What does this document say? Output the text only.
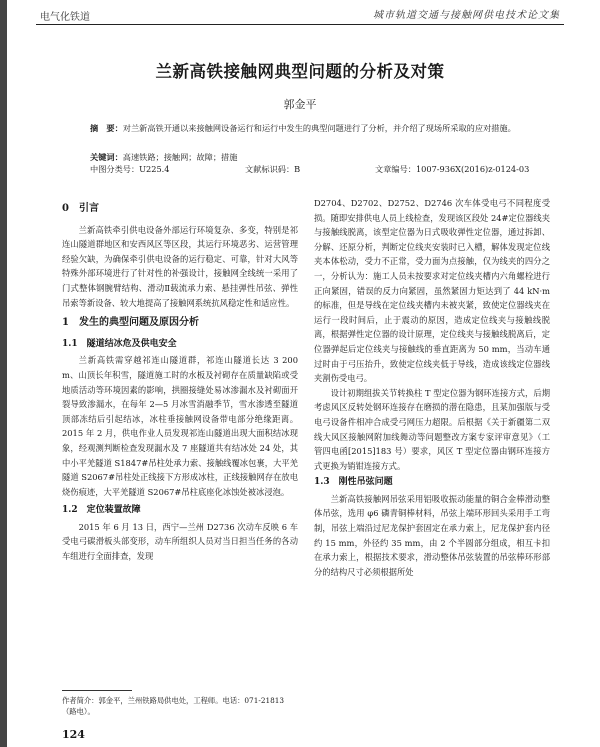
电气化铁道	城市轨道交通与接触网供电技术论文集
兰新高铁接触网典型问题的分析及对策
郭金平
摘　要：对兰新高铁开通以来接触网设备运行和运行中发生的典型问题进行了分析，并介绍了现场所采取的应对措施。
关键词：高速铁路；接触网；故障；措施
中图分类号：U225.4	文献标识码：B	文章编号：1007-936X(2016)z-0124-03
0　引言

兰新高铁牵引供电设备外部运行环境复杂、多变，特别是祁连山隧道群地区和安西风区等区段，其运行环境恶劣、运营管理经验欠缺，为确保牵引供电设备的运行稳定、可靠，针对大风等特殊外部环境进行了针对性的补强设计，接触网全线统一采用了门式整体钢腕臂结构、滑动Ⅱ载流承力索、悬挂弹性吊弦、弹性吊索等新设备、较大地提高了接触网系统抗风稳定性和适应性。

1　发生的典型问题及原因分析
1.1　隧道结冰危及供电安全

兰新高铁需穿越祁连山隧道群，祁连山隧道长达 3 200 m、山顶长年积雪，隧道施工时的水板及衬砌存在质量缺陷或受地质活动等环境因素的影响，拱圈接缝处易冰渗漏水及衬砌面开裂导致渗漏水，在每年 2—5 月冰雪消融季节，雪水渗透至隧道顶部冻结后引起结冰，冰柱垂接触网设备带电部分绝缘距离。2015 年 2 月，供电作业人员发现祁连山隧道出现大面积结冰现象，经观测判断检查发现漏水及 7 座隧道共有结冰处 24 处，其中小平羌隧道 S1847#吊柱处承力索、接触线覆冰包裹，大平羌隧道 S2067#吊柱处正线接下方形成冰柱，正线接触网存在放电烧伤痕迹，大平羌隧道 S2067#吊柱底座化冰蚀处被冰浸泡。

1.2　定位装置故障

2015 年 6 月 13 日，西宁—兰州 D2736 次动车反映 6 车受电弓碳滑板头部变形，动车所组织人员对当日担当任务的各动车组进行全面排查，发现

D2704、D2702、D2752、D2746 次车体受电弓不同程度受损。随即安排供电人员上线检查，发现该区段处 24#定位器线夹与接触线脱离，该型定位器为日式吸收弹性定位器，通过拆卸、分解、还原分析，判断定位线夹安装时已入槽，解体发现定位线夹本体松动，受力不正常，受力面为点接触，仅为线夹的四分之一，分析认为：施工人员未按要求对定位线夹槽内六角螺栓进行正向紧固，错误的反力向紧固，虽然紧固力矩达到了 44 kN·m 的标准，但是导线在定位线夹槽内未被夹紧，致使定位器线夹在运行一段时间后，止于震动的原因，造成定位线夹与接触线脱离，根据弹性定位器的设计原理，定位线夹与接触线脱离后，定位器弹起后定位线夹与接触线的垂直距离为 50 mm，当动车通过时由于弓压抬升，致使定位线夹低于导线，造成该线定位器线夹割伤受电弓。

设计初期组拔关节转换柱 T 型定位器为钢环连接方式，后期考虑风区反转处钢环连接存在磨损的潜在隐患，且某加强版与受电弓设备件相冲合成受弓网压力超限。后根据《关于新疆第二双线大风区接触网附加线舞动等问题整改方案专家评审意见》（工管四电函[2015]183 号）要求，风区 T 型定位器由钢环连接方式更换为销钳连接方式。

1.3　刚性吊弦问题

兰新高铁接触网吊弦采用铝吸收振动能量的铜合金棒滑动整体吊弦，选用 φ6 磷青铜棒材料，吊弦上端环形回头采用手工弯制，吊弦上端沿过尼龙保护套固定在承力索上，尼龙保护套内径约 15 mm，外径约 35 mm，由 2 个半圆部分组成，相互卡扣在承力索上，根据技术要求，滑动整体吊弦装置的吊弦棒环形部分的结构尺寸必须根据所处

作者简介：郭金平，兰州铁路局供电处，工程师。电话：071-21813（路电）。
124
